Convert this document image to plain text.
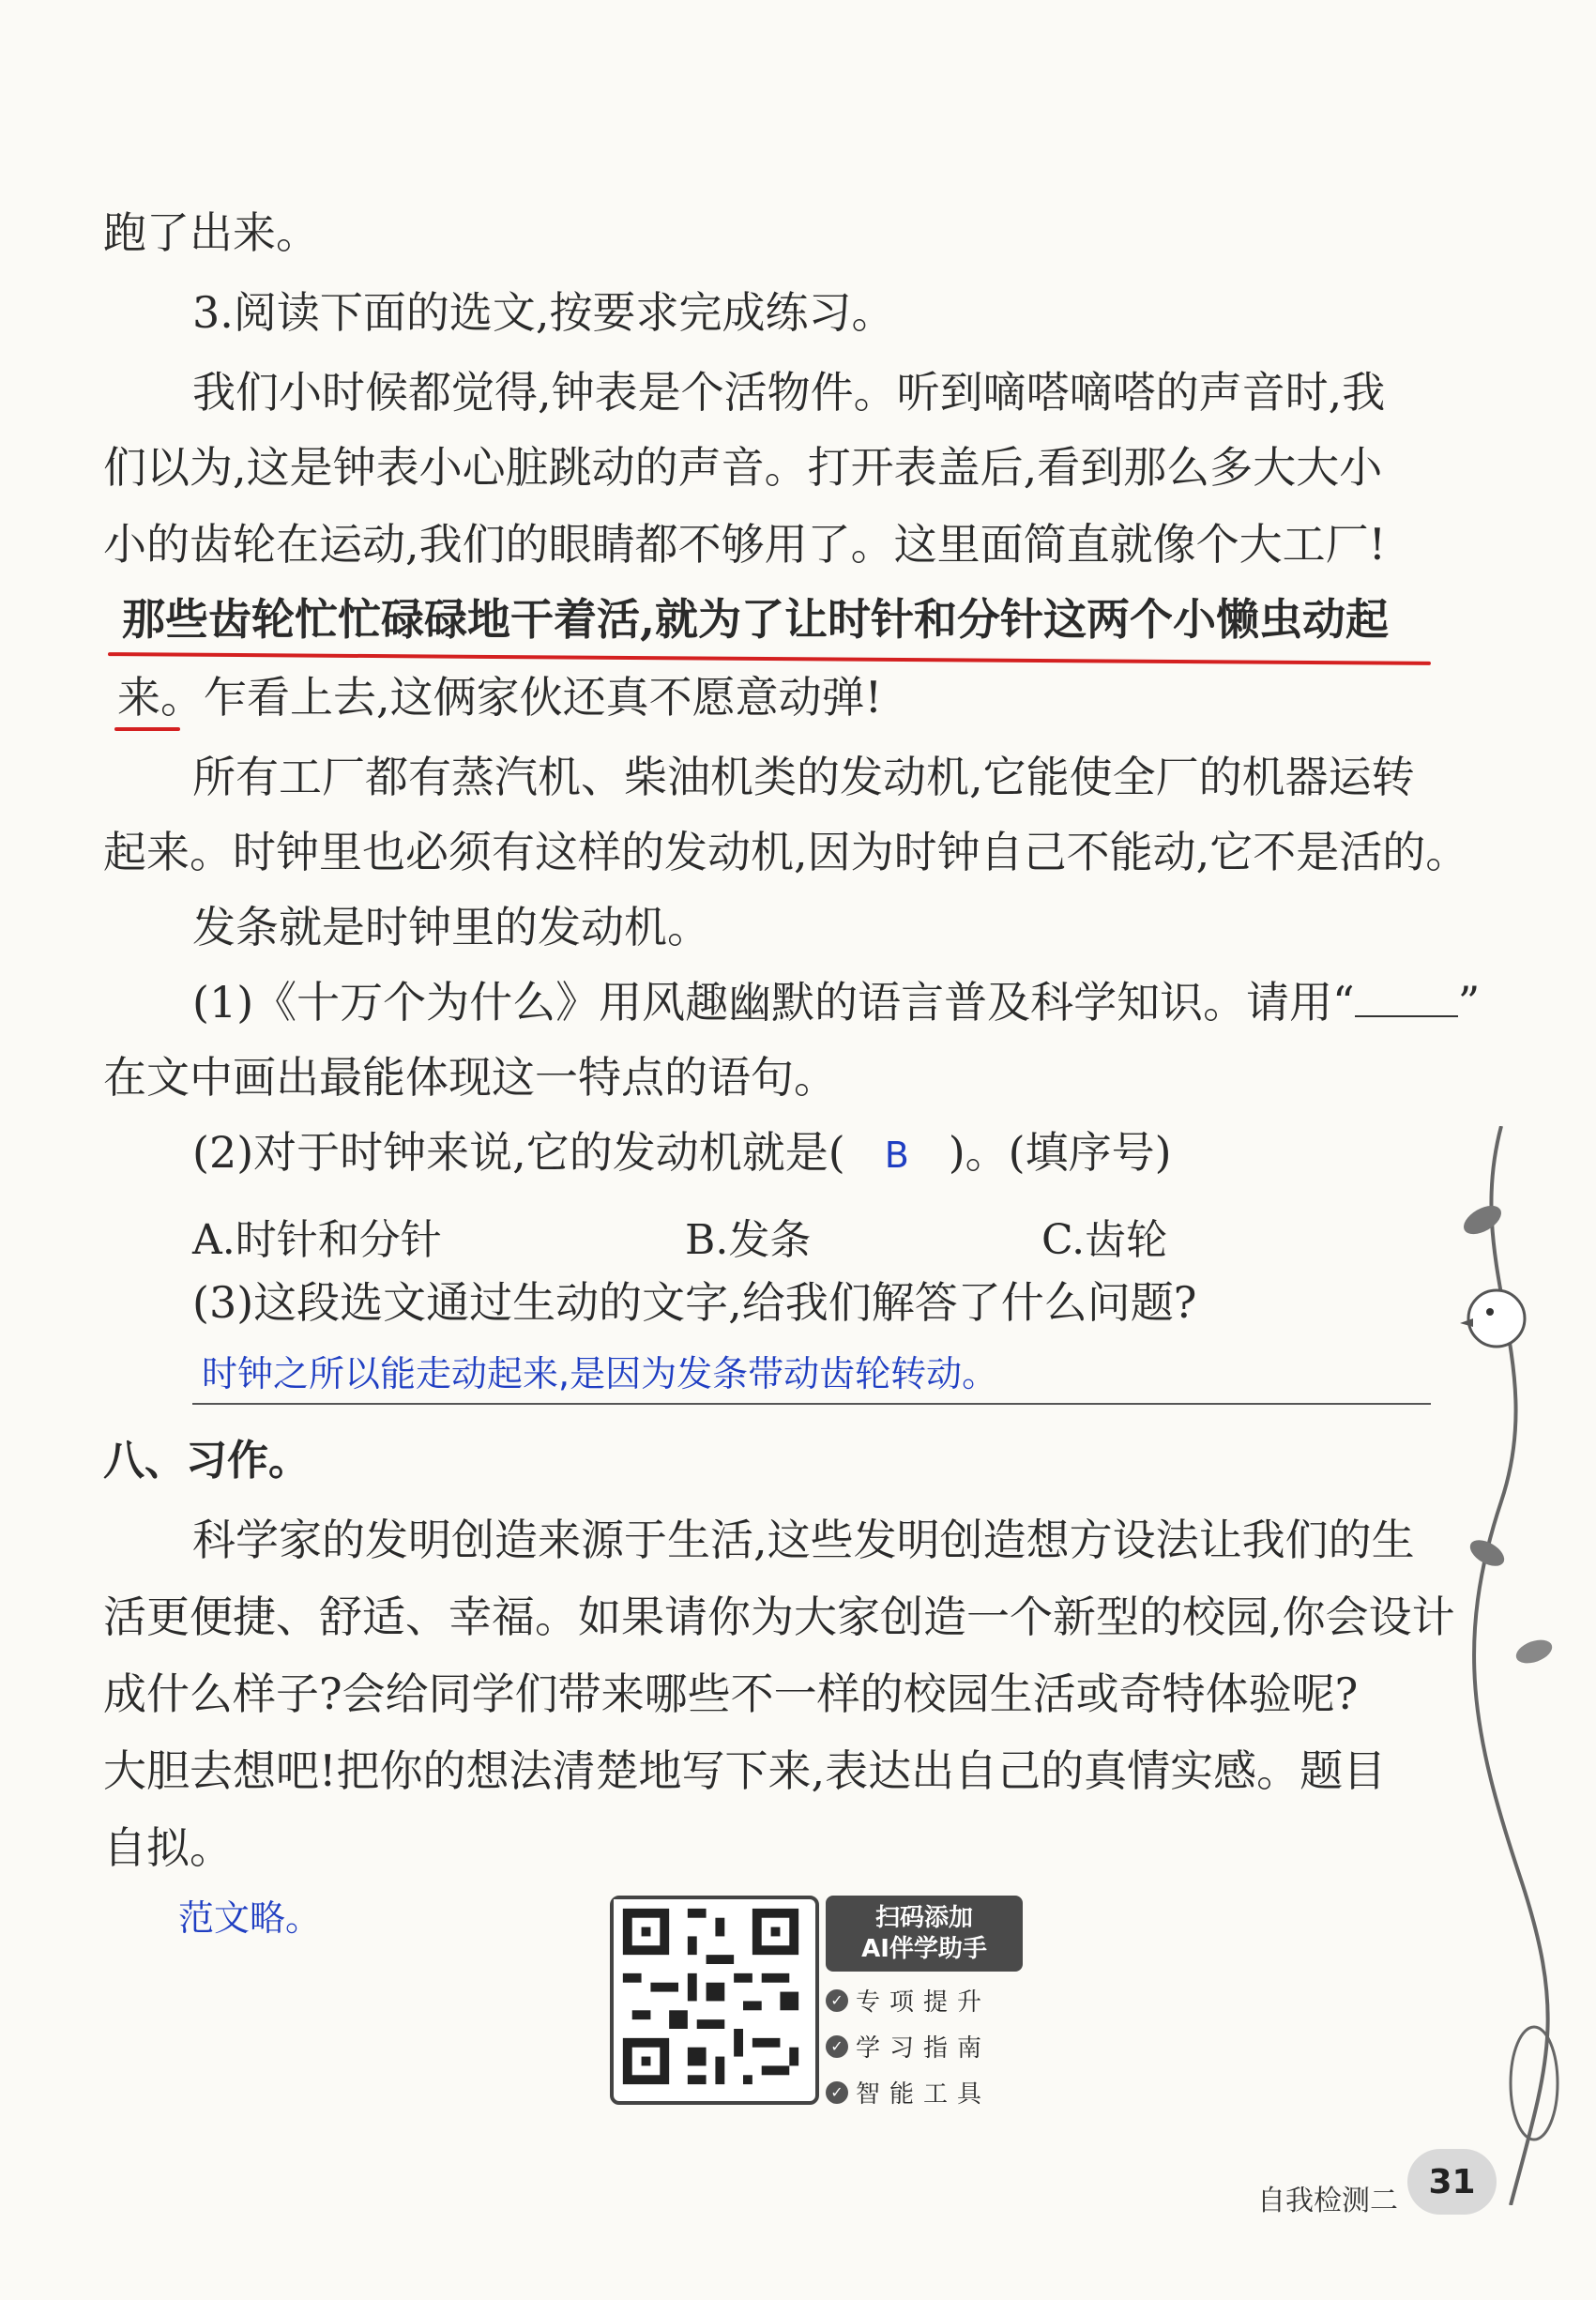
跑了出来。
3.阅读下面的选文,按要求完成练习。
我们小时候都觉得,钟表是个活物件。听到嘀嗒嘀嗒的声音时,我
们以为,这是钟表小心脏跳动的声音。打开表盖后,看到那么多大大小
小的齿轮在运动,我们的眼睛都不够用了。这里面简直就像个大工厂!
那些齿轮忙忙碌碌地干着活,就为了让时针和分针这两个小懒虫动起
来。乍看上去,这俩家伙还真不愿意动弹!
所有工厂都有蒸汽机、柴油机类的发动机,它能使全厂的机器运转
起来。时钟里也必须有这样的发动机,因为时钟自己不能动,它不是活的。
发条就是时钟里的发动机。
(1)《十万个为什么》用风趣幽默的语言普及科学知识。请用“ ”
在文中画出最能体现这一特点的语句。
(2)对于时钟来说,它的发动机就是( B )。(填序号)
A.时针和分针	B.发条	C.齿轮
(3)这段选文通过生动的文字,给我们解答了什么问题?
时钟之所以能走动起来,是因为发条带动齿轮转动。
八、习作。
科学家的发明创造来源于生活,这些发明创造想方设法让我们的生
活更便捷、舒适、幸福。如果请你为大家创造一个新型的校园,你会设计
成什么样子?会给同学们带来哪些不一样的校园生活或奇特体验呢?
大胆去想吧!把你的想法清楚地写下来,表达出自己的真情实感。题目
自拟。
范文略。	扫码添加
AI伴学助手
✓ 专项提升
✓ 学习指南
✓ 智能工具
自我检测二 31
